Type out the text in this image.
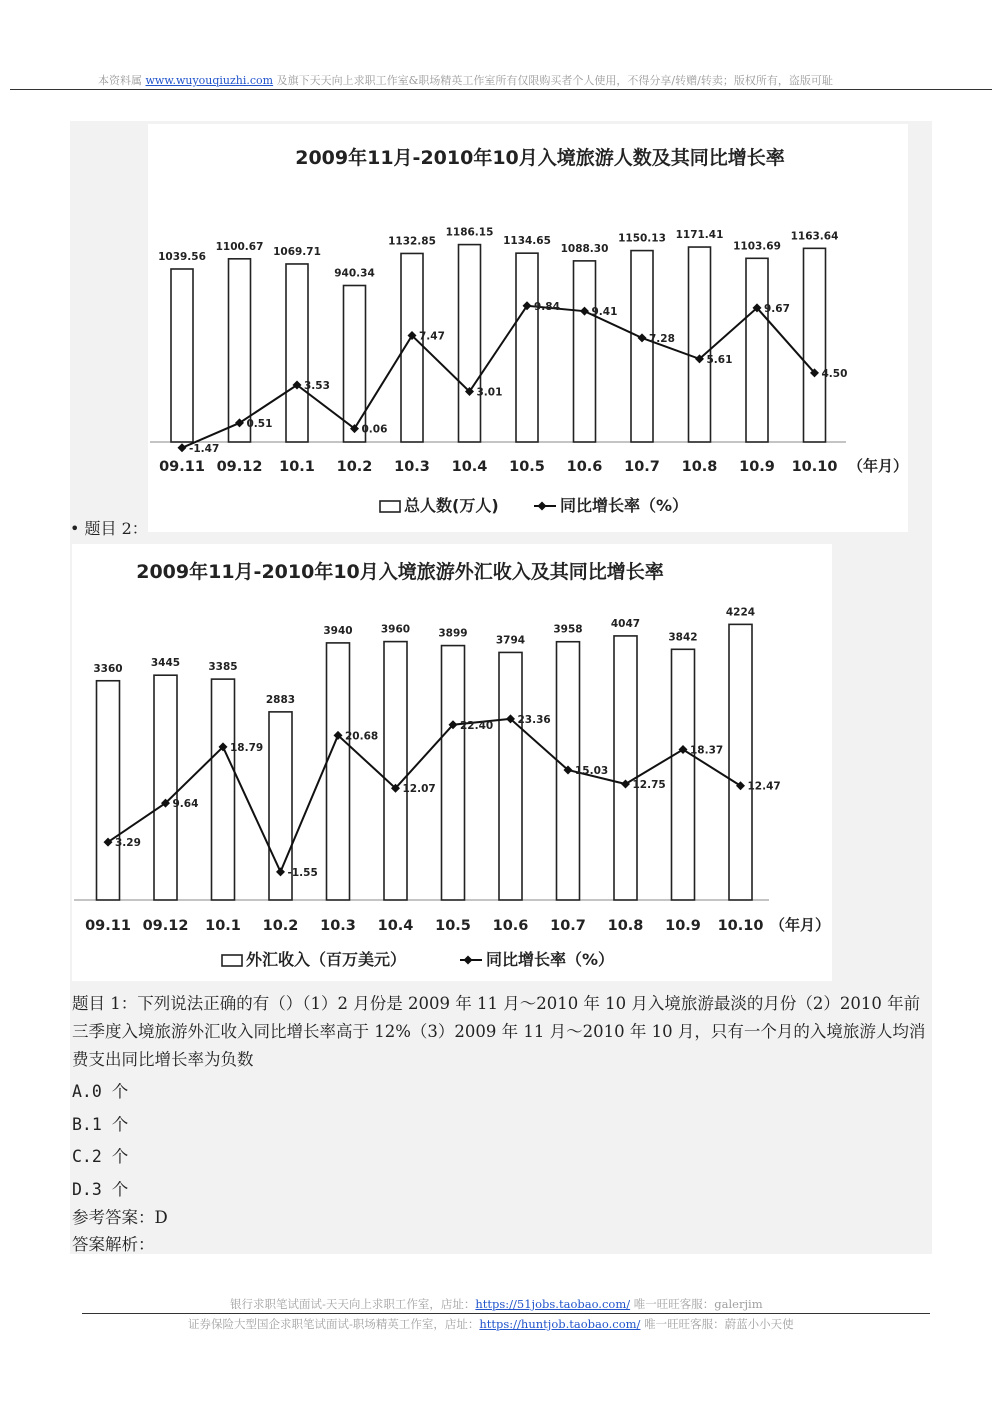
本资料属 www.wuyouqiuzhi.com 及旗下天天向上求职工作室&职场精英工作室所有仅限购买者个人使用，不得分享/转赠/转卖；版权所有，盗版可耻
2009年11月-2010年10月入境旅游人数及其同比增长率
1039.56
09.11
1100.67
09.12
1069.71
10.1
940.34
10.2
1132.85
10.3
1186.15
10.4
1134.65
10.5
1088.30
10.6
1150.13
10.7
1171.41
10.8
1103.69
10.9
1163.64
10.10 （年月）
-1.47
0.51
3.53
0.06
7.47
3.01
9.84	9.41
7.28
5.61
9.67
4.50
总人数(万人)	同比增长率（%）
• 题目 2：
2009年11月-2010年10月入境旅游外汇收入及其同比增长率
3360
09.11
3445
09.12
3385
10.1
2883
10.2
3940
10.3
3960
10.4
3899
10.5
3794
10.6
3958
10.7
4047
10.8
3842
10.9
4224
10.10 （年月）
3.29
9.64
18.79
-1.55
20.68
12.07
22.40 23.36
15.03
12.75
18.37
12.47
外汇收入（百万美元）	同比增长率（%）
题目 1：下列说法正确的有（）（1）2 月份是 2009 年 11 月～2010 年 10 月入境旅游最淡的月份（2）2010 年前三季度入境旅游外汇收入同比增长率高于 12%（3）2009 年 11 月～2010 年 10 月，只有一个月的入境旅游人均消费支出同比增长率为负数
A.0 个
B.1 个
C.2 个
D.3 个
参考答案：D
答案解析：
银行求职笔试面试-天天向上求职工作室，店址：https://51jobs.taobao.com/ 唯一旺旺客服：galerjim
证券保险大型国企求职笔试面试-职场精英工作室，店址：https://huntjob.taobao.com/ 唯一旺旺客服：蔚蓝小小天使
